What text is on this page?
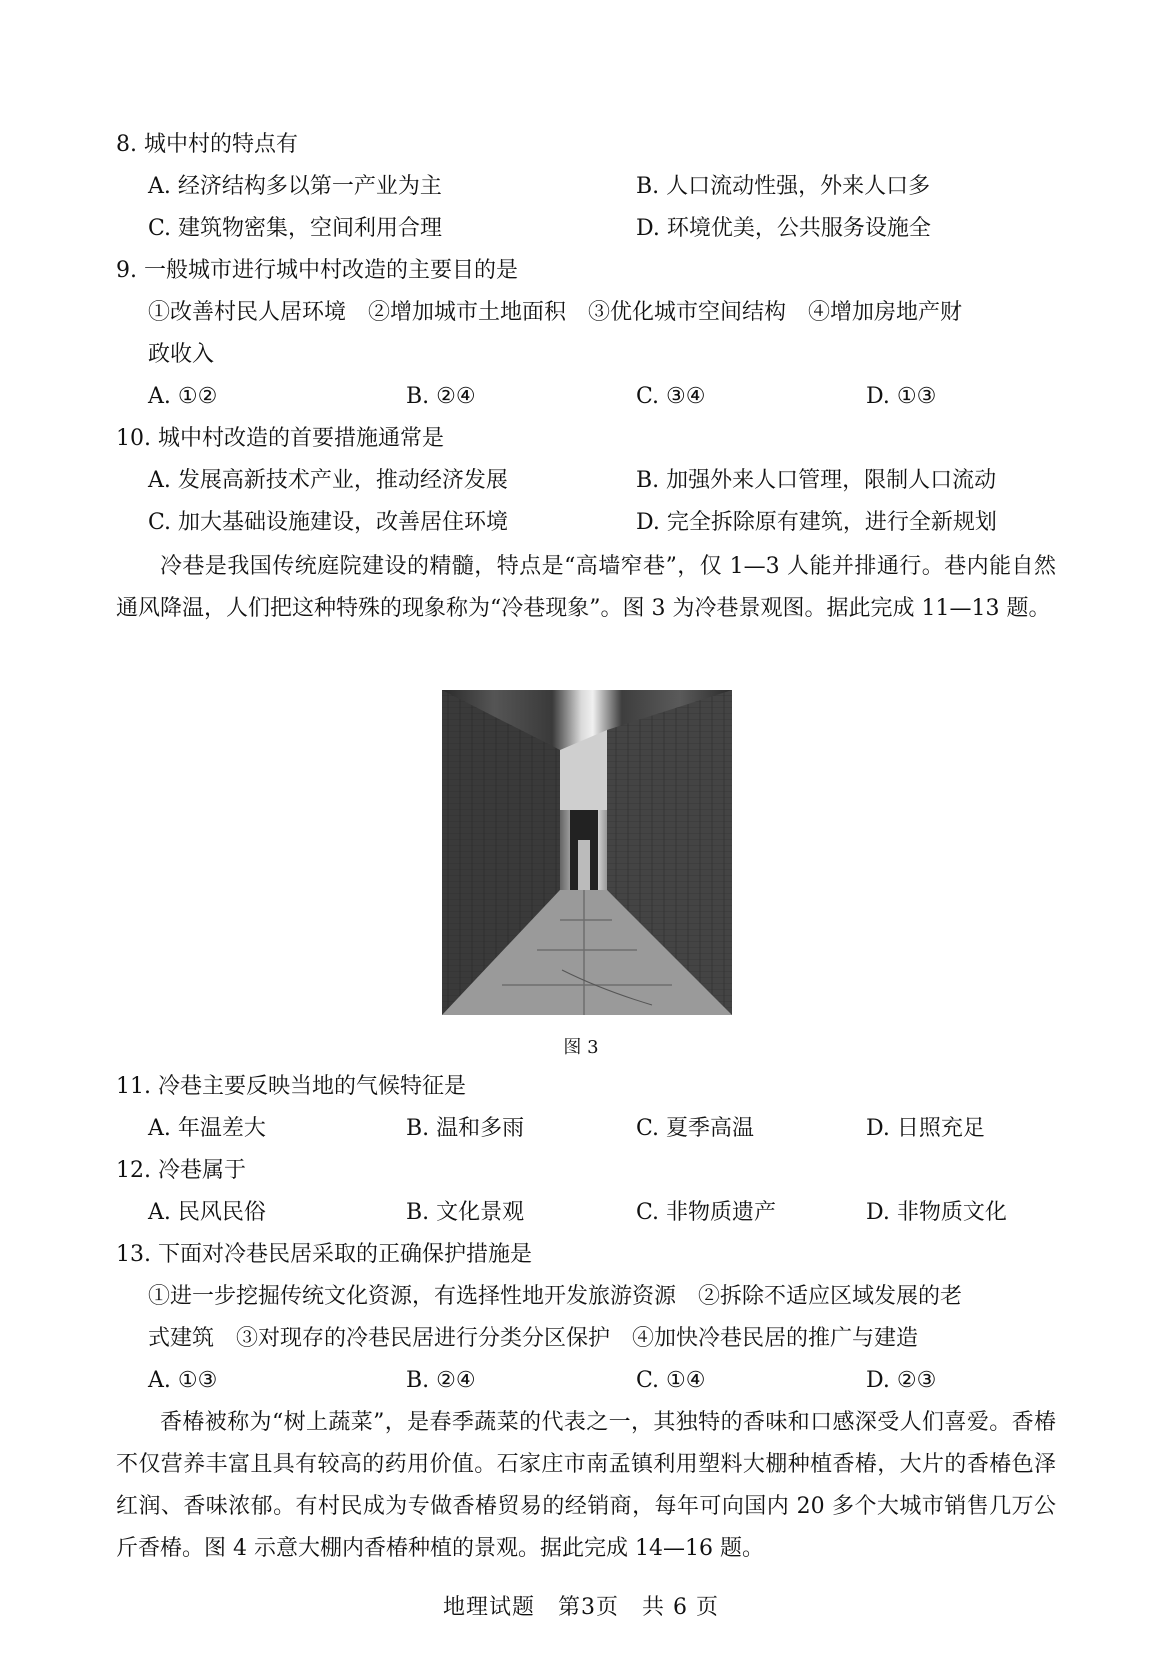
8. 城中村的特点有
A. 经济结构多以第一产业为主	B. 人口流动性强，外来人口多
C. 建筑物密集，空间利用合理	D. 环境优美，公共服务设施全
9. 一般城市进行城中村改造的主要目的是
①改善村民人居环境　②增加城市土地面积　③优化城市空间结构　④增加房地产财
政收入
A. ①②	B. ②④	C. ③④	D. ①③
10. 城中村改造的首要措施通常是
A. 发展高新技术产业，推动经济发展	B. 加强外来人口管理，限制人口流动
C. 加大基础设施建设，改善居住环境	D. 完全拆除原有建筑，进行全新规划

冷巷是我国传统庭院建设的精髓，特点是“高墙窄巷”，仅 1—3 人能并排通行。巷内能自然通风降温，人们把这种特殊的现象称为“冷巷现象”。图 3 为冷巷景观图。据此完成 11—13 题。

图 3
11. 冷巷主要反映当地的气候特征是
A. 年温差大	B. 温和多雨	C. 夏季高温	D. 日照充足
12. 冷巷属于
A. 民风民俗	B. 文化景观	C. 非物质遗产	D. 非物质文化
13. 下面对冷巷民居采取的正确保护措施是
①进一步挖掘传统文化资源，有选择性地开发旅游资源　②拆除不适应区域发展的老
式建筑　③对现存的冷巷民居进行分类分区保护　④加快冷巷民居的推广与建造
A. ①③	B. ②④	C. ①④	D. ②③

香椿被称为“树上蔬菜”，是春季蔬菜的代表之一，其独特的香味和口感深受人们喜爱。香椿不仅营养丰富且具有较高的药用价值。石家庄市南孟镇利用塑料大棚种植香椿，大片的香椿色泽红润、香味浓郁。有村民成为专做香椿贸易的经销商，每年可向国内 20 多个大城市销售几万公斤香椿。图 4 示意大棚内香椿种植的景观。据此完成 14—16 题。

地理试题　第3页　共 6 页
